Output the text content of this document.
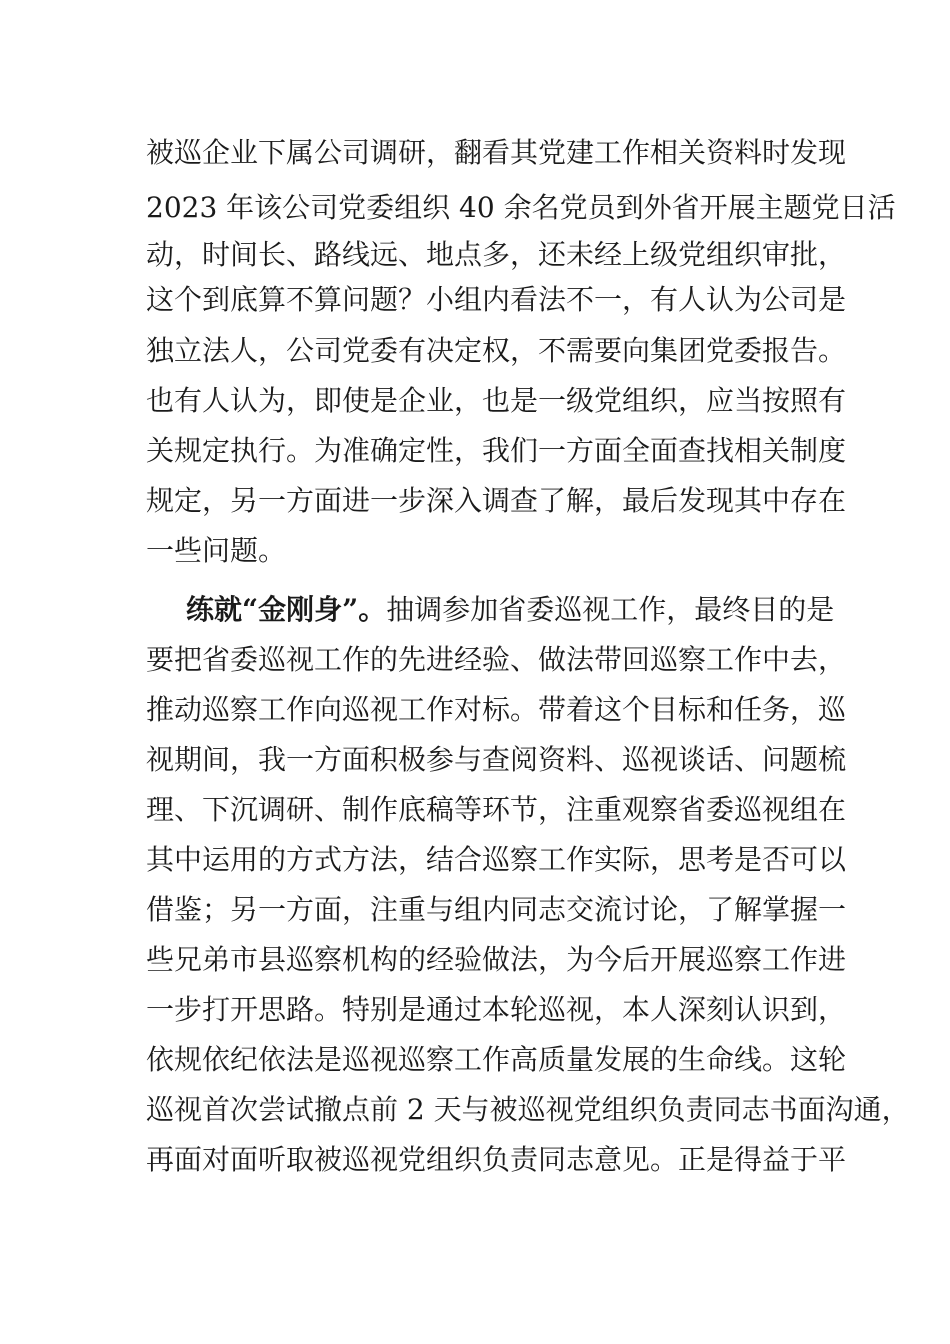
被巡企业下属公司调研，翻看其党建工作相关资料时发现
2023 年该公司党委组织 40 余名党员到外省开展主题党日活
动，时间长、路线远、地点多，还未经上级党组织审批，
这个到底算不算问题？小组内看法不一，有人认为公司是
独立法人，公司党委有决定权，不需要向集团党委报告。
也有人认为，即使是企业，也是一级党组织，应当按照有
关规定执行。为准确定性，我们一方面全面查找相关制度
规定，另一方面进一步深入调查了解，最后发现其中存在
一些问题。
练就“金刚身”。抽调参加省委巡视工作，最终目的是
要把省委巡视工作的先进经验、做法带回巡察工作中去，
推动巡察工作向巡视工作对标。带着这个目标和任务，巡
视期间，我一方面积极参与查阅资料、巡视谈话、问题梳
理、下沉调研、制作底稿等环节，注重观察省委巡视组在
其中运用的方式方法，结合巡察工作实际，思考是否可以
借鉴；另一方面，注重与组内同志交流讨论，了解掌握一
些兄弟市县巡察机构的经验做法，为今后开展巡察工作进
一步打开思路。特别是通过本轮巡视，本人深刻认识到，
依规依纪依法是巡视巡察工作高质量发展的生命线。这轮
巡视首次尝试撤点前 2 天与被巡视党组织负责同志书面沟通，
再面对面听取被巡视党组织负责同志意见。正是得益于平
